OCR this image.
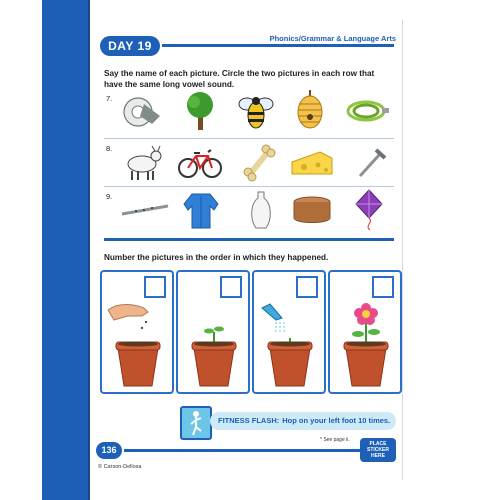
DAY 19
Phonics/Grammar & Language Arts
Say the name of each picture. Circle the two pictures in each row that have the same long vowel sound.
7.
8.
9.
Number the pictures in the order in which they happened.
FITNESS FLASH: Hop on your left foot 10 times.
* See page ii.
136
© Carson-Dellosa
PLACE STICKER HERE
